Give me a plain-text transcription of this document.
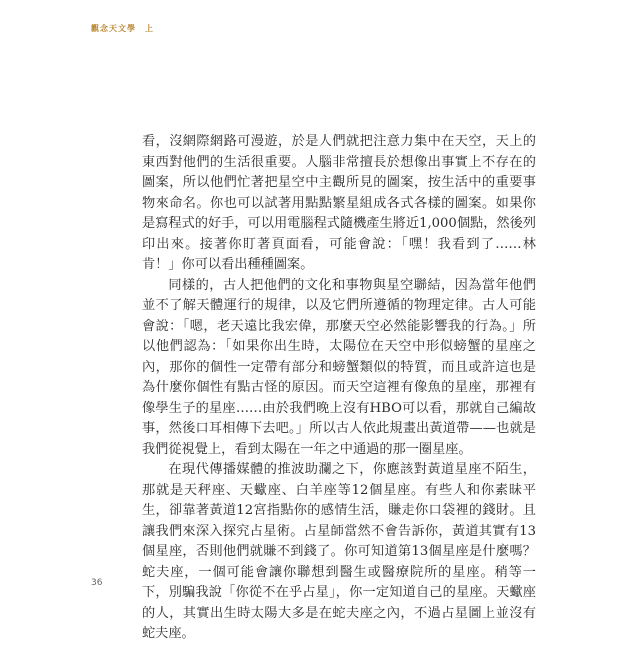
觀念天文學　上

看，沒網際網路可漫遊，於是人們就把注意力集中在天空，天上的東西對他們的生活很重要。人腦非常擅長於想像出事實上不存在的圖案，所以他們忙著把星空中主觀所見的圖案，按生活中的重要事物來命名。你也可以試著用點點繁星組成各式各樣的圖案。如果你是寫程式的好手，可以用電腦程式隨機產生將近1,000個點，然後列印出來。接著你盯著頁面看，可能會說：「嘿！我看到了……林肯！」你可以看出種種圖案。

同樣的，古人把他們的文化和事物與星空聯結，因為當年他們並不了解天體運行的規律，以及它們所遵循的物理定律。古人可能會說：「嗯，老天遠比我宏偉，那麼天空必然能影響我的行為。」所以他們認為：「如果你出生時，太陽位在天空中形似螃蟹的星座之內，那你的個性一定帶有部分和螃蟹類似的特質，而且或許這也是為什麼你個性有點古怪的原因。而天空這裡有像魚的星座，那裡有像學生子的星座……由於我們晚上沒有HBO可以看，那就自己編故事，然後口耳相傳下去吧。」所以古人依此規畫出黃道帶——也就是我們從視覺上，看到太陽在一年之中通過的那一圈星座。

在現代傳播媒體的推波助瀾之下，你應該對黃道星座不陌生，那就是天秤座、天蠍座、白羊座等12個星座。有些人和你素昧平生，卻靠著黃道12宮指點你的感情生活，賺走你口袋裡的錢財。且讓我們來深入探究占星術。占星師當然不會告訴你，黃道其實有13個星座，否則他們就賺不到錢了。你可知道第13個星座是什麼嗎？蛇夫座，一個可能會讓你聯想到醫生或醫療院所的星座。稍等一下，別騙我說「你從不在乎占星」，你一定知道自己的星座。天蠍座的人，其實出生時太陽大多是在蛇夫座之內，不過占星圖上並沒有蛇夫座。

36
